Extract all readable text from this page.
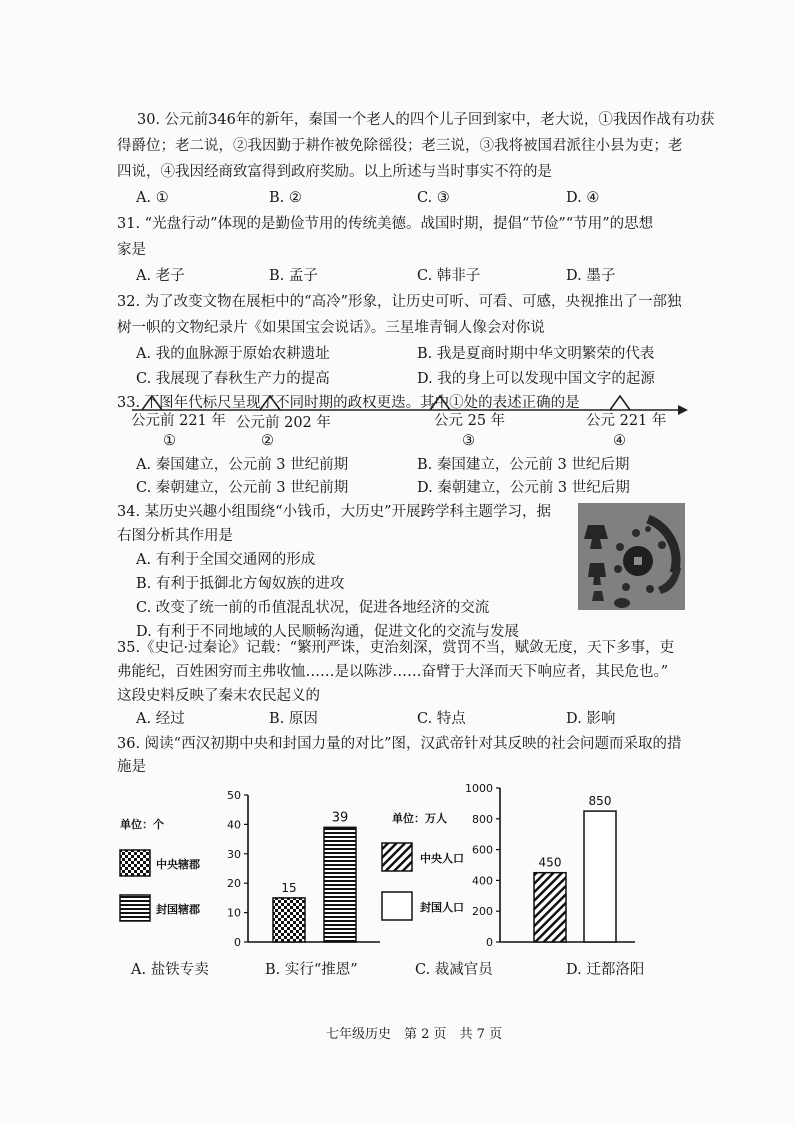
30. 公元前346年的新年，秦国一个老人的四个儿子回到家中，老大说，①我因作战有功获
得爵位；老二说，②我因勤于耕作被免除徭役；老三说，③我将被国君派往小县为吏；老
四说，④我因经商致富得到政府奖励。以上所述与当时事实不符的是
A. ①	B. ②	C. ③	D. ④
31. “光盘行动”体现的是勤俭节用的传统美德。战国时期，提倡“节俭”“节用”的思想
家是
A. 老子	B. 孟子	C. 韩非子	D. 墨子
32. 为了改变文物在展柜中的“高冷”形象，让历史可听、可看、可感，央视推出了一部独
树一帜的文物纪录片《如果国宝会说话》。三星堆青铜人像会对你说
A. 我的血脉源于原始农耕遗址	B. 我是夏商时期中华文明繁荣的代表
C. 我展现了春秋生产力的提高	D. 我的身上可以发现中国文字的起源
33. 下图年代标尺呈现了不同时期的政权更迭。其中①处的表述正确的是
公元前 221 年 公元前 202 年	公元 25 年	公元 221 年
①	②	③	④
A. 秦国建立，公元前 3 世纪前期	B. 秦国建立，公元前 3 世纪后期
C. 秦朝建立，公元前 3 世纪前期	D. 秦朝建立，公元前 3 世纪后期
34. 某历史兴趣小组围绕“小钱币，大历史”开展跨学科主题学习，据
右图分析其作用是
A. 有利于全国交通网的形成
B. 有利于抵御北方匈奴族的进攻
C. 改变了统一前的币值混乱状况，促进各地经济的交流
D. 有利于不同地域的人民顺畅沟通，促进文化的交流与发展
35.《史记·过秦论》记载：“繁刑严诛，吏治刻深，赏罚不当，赋敛无度，天下多事，吏
弗能纪，百姓困穷而主弗收恤……是以陈涉……奋臂于大泽而天下响应者，其民危也。”
这段史料反映了秦末农民起义的
A. 经过	B. 原因	C. 特点	D. 影响
36. 阅读“西汉初期中央和封国力量的对比”图，汉武帝针对其反映的社会问题而采取的措
施是
单位：个
中央辖郡
封国辖郡
0
10
20
30
40
50
15
39	单位：万人
中央人口
封国人口
0
200
400
600
800
1000
450
850
A. 盐铁专卖	B. 实行“推恩”	C. 裁减官员	D. 迁都洛阳
七年级历史　第 2 页　共 7 页
